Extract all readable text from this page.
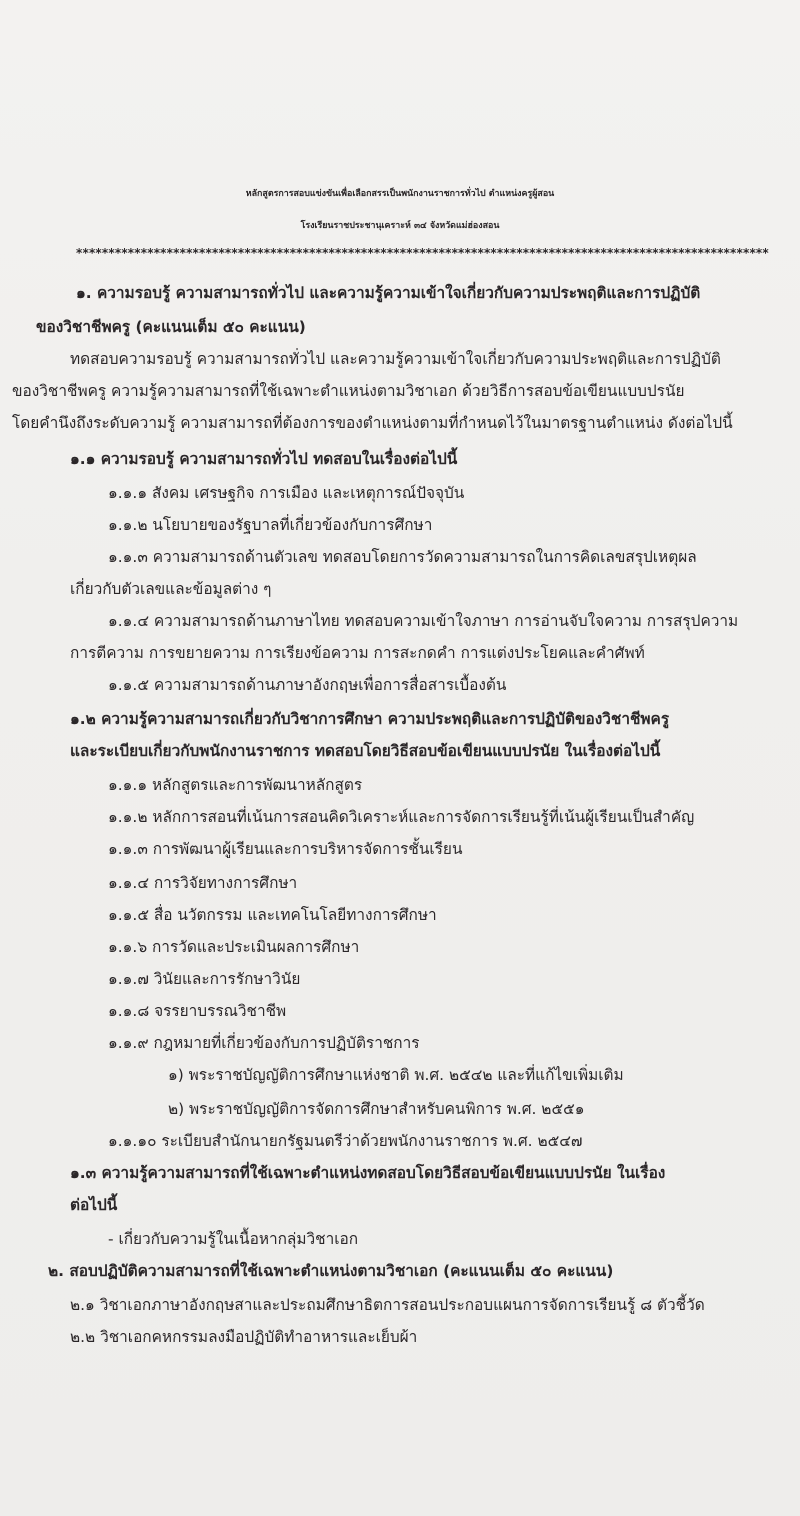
หลักสูตรการสอบแข่งขันเพื่อเลือกสรรเป็นพนักงานราชการทั่วไป ตำแหน่งครูผู้สอน
โรงเรียนราชประชานุเคราะห์ ๓๔ จังหวัดแม่ฮ่องสอน
***********************************************************************************************************
๑. ความรอบรู้ ความสามารถทั่วไป และความรู้ความเข้าใจเกี่ยวกับความประพฤติและการปฏิบัติ
ของวิชาชีพครู (คะแนนเต็ม ๕๐ คะแนน)
ทดสอบความรอบรู้ ความสามารถทั่วไป และความรู้ความเข้าใจเกี่ยวกับความประพฤติและการปฏิบัติ
ของวิชาชีพครู ความรู้ความสามารถที่ใช้เฉพาะตำแหน่งตามวิชาเอก ด้วยวิธีการสอบข้อเขียนแบบปรนัย
โดยคำนึงถึงระดับความรู้ ความสามารถที่ต้องการของตำแหน่งตามที่กำหนดไว้ในมาตรฐานตำแหน่ง ดังต่อไปนี้
๑.๑ ความรอบรู้ ความสามารถทั่วไป ทดสอบในเรื่องต่อไปนี้
๑.๑.๑ สังคม เศรษฐกิจ การเมือง และเหตุการณ์ปัจจุบัน
๑.๑.๒ นโยบายของรัฐบาลที่เกี่ยวข้องกับการศึกษา
๑.๑.๓ ความสามารถด้านตัวเลข ทดสอบโดยการวัดความสามารถในการคิดเลขสรุปเหตุผล
เกี่ยวกับตัวเลขและข้อมูลต่าง ๆ
๑.๑.๔ ความสามารถด้านภาษาไทย ทดสอบความเข้าใจภาษา การอ่านจับใจความ การสรุปความ
การตีความ การขยายความ การเรียงข้อความ การสะกดคำ การแต่งประโยคและคำศัพท์
๑.๑.๕ ความสามารถด้านภาษาอังกฤษเพื่อการสื่อสารเบื้องต้น
๑.๒ ความรู้ความสามารถเกี่ยวกับวิชาการศึกษา ความประพฤติและการปฏิบัติของวิชาชีพครู
และระเบียบเกี่ยวกับพนักงานราชการ ทดสอบโดยวิธีสอบข้อเขียนแบบปรนัย ในเรื่องต่อไปนี้
๑.๑.๑ หลักสูตรและการพัฒนาหลักสูตร
๑.๑.๒ หลักการสอนที่เน้นการสอนคิดวิเคราะห์และการจัดการเรียนรู้ที่เน้นผู้เรียนเป็นสำคัญ
๑.๑.๓ การพัฒนาผู้เรียนและการบริหารจัดการชั้นเรียน
๑.๑.๔ การวิจัยทางการศึกษา
๑.๑.๕ สื่อ นวัตกรรม และเทคโนโลยีทางการศึกษา
๑.๑.๖ การวัดและประเมินผลการศึกษา
๑.๑.๗ วินัยและการรักษาวินัย
๑.๑.๘ จรรยาบรรณวิชาชีพ
๑.๑.๙ กฎหมายที่เกี่ยวข้องกับการปฏิบัติราชการ
๑) พระราชบัญญัติการศึกษาแห่งชาติ พ.ศ. ๒๕๔๒ และที่แก้ไขเพิ่มเติม
๒) พระราชบัญญัติการจัดการศึกษาสำหรับคนพิการ พ.ศ. ๒๕๕๑
๑.๑.๑๐ ระเบียบสำนักนายกรัฐมนตรีว่าด้วยพนักงานราชการ พ.ศ. ๒๕๔๗
๑.๓ ความรู้ความสามารถที่ใช้เฉพาะตำแหน่งทดสอบโดยวิธีสอบข้อเขียนแบบปรนัย ในเรื่อง
ต่อไปนี้
- เกี่ยวกับความรู้ในเนื้อหากลุ่มวิชาเอก
๒. สอบปฏิบัติความสามารถที่ใช้เฉพาะตำแหน่งตามวิชาเอก (คะแนนเต็ม ๕๐ คะแนน)
๒.๑ วิชาเอกภาษาอังกฤษสาและประถมศึกษาธิตการสอนประกอบแผนการจัดการเรียนรู้ ๘ ตัวชี้วัด
๒.๒ วิชาเอกคหกรรมลงมือปฏิบัติทำอาหารและเย็บผ้า
